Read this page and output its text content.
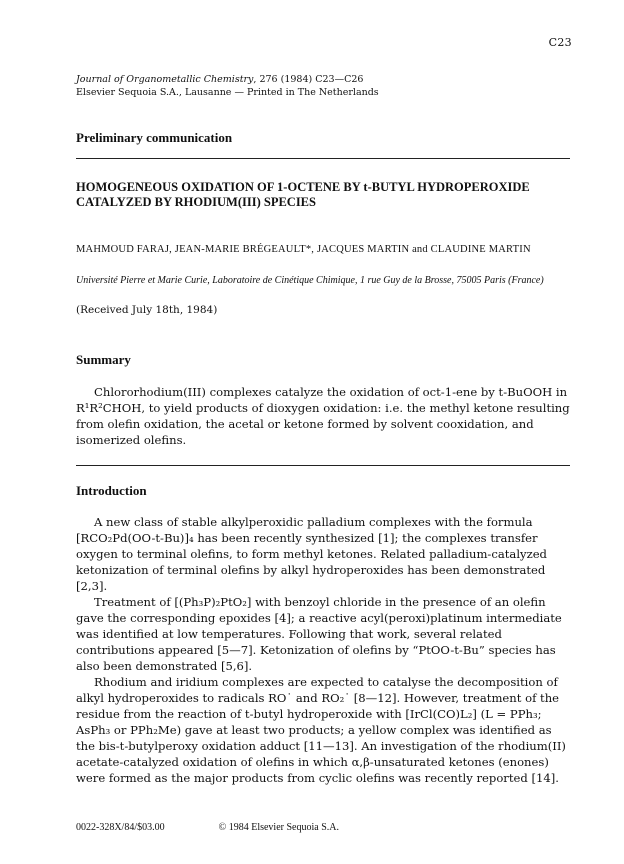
C23
Journal of Organometallic Chemistry, 276 (1984) C23—C26
Elsevier Sequoia S.A., Lausanne — Printed in The Netherlands
Preliminary communication
HOMOGENEOUS OXIDATION OF 1-OCTENE BY t-BUTYL HYDROPEROXIDE CATALYZED BY RHODIUM(III) SPECIES
MAHMOUD FARAJ, JEAN-MARIE BRÉGEAULT*, JACQUES MARTIN and CLAUDINE MARTIN
Université Pierre et Marie Curie, Laboratoire de Cinétique Chimique, 1 rue Guy de la Brosse, 75005 Paris (France)
(Received July 18th, 1984)
Summary

Chlororhodium(III) complexes catalyze the oxidation of oct-1-ene by t-BuOOH in R¹R²CHOH, to yield products of dioxygen oxidation: i.e. the methyl ketone resulting from olefin oxidation, the acetal or ketone formed by solvent cooxidation, and isomerized olefins.

Introduction

A new class of stable alkylperoxidic palladium complexes with the formula [RCO₂Pd(OO-t-Bu)]₄ has been recently synthesized [1]; the complexes transfer oxygen to terminal olefins, to form methyl ketones. Related palladium-catalyzed ketonization of terminal olefins by alkyl hydroperoxides has been demonstrated [2,3].

Treatment of [(Ph₃P)₂PtO₂] with benzoyl chloride in the presence of an olefin gave the corresponding epoxides [4]; a reactive acyl(peroxi)platinum intermediate was identified at low temperatures. Following that work, several related contributions appeared [5—7]. Ketonization of olefins by “PtOO-t-Bu” species has also been demonstrated [5,6].

Rhodium and iridium complexes are expected to catalyse the decomposition of alkyl hydroperoxides to radicals RO˙ and RO₂˙ [8—12]. However, treatment of the residue from the reaction of t-butyl hydroperoxide with [IrCl(CO)L₂] (L = PPh₃; AsPh₃ or PPh₂Me) gave at least two products; a yellow complex was identified as the bis-t-butylperoxy oxidation adduct [11—13]. An investigation of the rhodium(II) acetate-catalyzed oxidation of olefins in which α,β-unsaturated ketones (enones) were formed as the major products from cyclic olefins was recently reported [14].

0022-328X/84/$03.00	© 1984 Elsevier Sequoia S.A.
